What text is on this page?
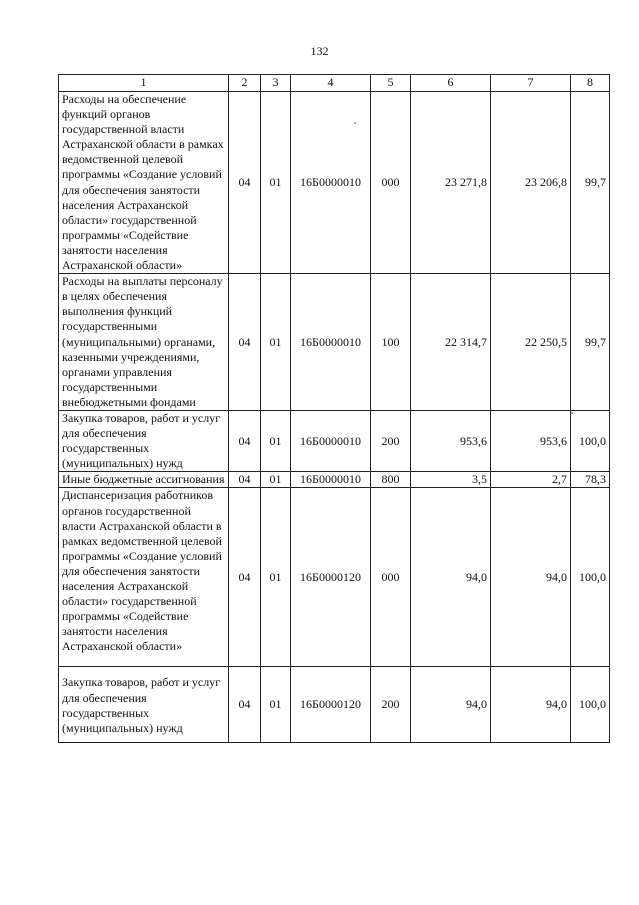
132
1	2	3	4	5	6	7	8
Расходы на обеспечение функций органов государственной власти Астраханской области в рамках ведомственной целевой программы «Создание условий для обеспечения занятости населения Астраханской области» государственной программы «Содействие занятости населения Астраханской области»	04	01	16Б0000010	000	23 271,8	23 206,8	99,7
Расходы на выплаты персоналу в целях обеспечения выполнения функций государственными (муниципальными) органами, казенными учреждениями, органами управления государственными внебюджетными фондами	04	01	16Б0000010	100	22 314,7	22 250,5	99,7
Закупка товаров, работ и услуг для обеспечения государственных (муниципальных) нужд	04	01	16Б0000010	200	953,6	953,6	100,0
Иные бюджетные ассигнования	04	01	16Б0000010	800	3,5	2,7	78,3
Диспансеризация работников органов государственной власти Астраханской области в рамках ведомственной целевой программы «Создание условий для обеспечения занятости населения Астраханской области» государственной программы «Содействие занятости населения Астраханской области»	04	01	16Б0000120	000	94,0	94,0	100,0
Закупка товаров, работ и услуг для обеспечения государственных (муниципальных) нужд	04	01	16Б0000120	200	94,0	94,0	100,0
